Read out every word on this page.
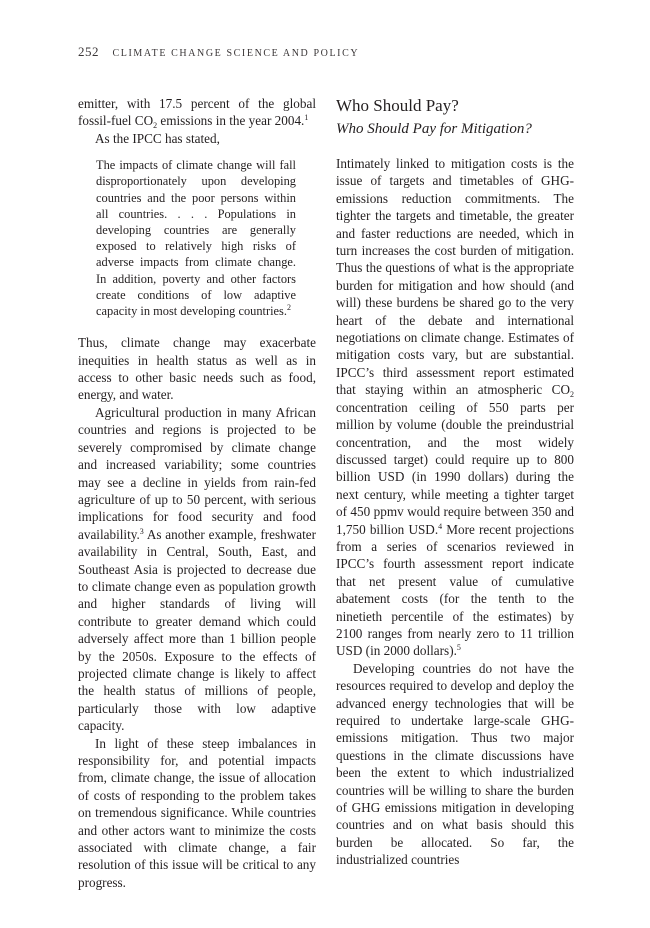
252 CLIMATE CHANGE SCIENCE AND POLICY

emitter, with 17.5 percent of the global fossil-fuel $CO_2$ emissions in the year 2004.$^1$

As the IPCC has stated,

The impacts of climate change will fall disproportionately upon developing countries and the poor persons within all countries. . . . Populations in developing countries are generally exposed to relatively high risks of adverse impacts from climate change. In addition, poverty and other factors create conditions of low adaptive capacity in most developing countries.$^2$

Thus, climate change may exacerbate inequities in health status as well as in access to other basic needs such as food, energy, and water.

Agricultural production in many African countries and regions is projected to be severely compromised by climate change and increased variability; some countries may see a decline in yields from rain-fed agriculture of up to 50 percent, with serious implications for food security and food availability.$^3$ As another example, freshwater availability in Central, South, East, and Southeast Asia is projected to decrease due to climate change even as population growth and higher standards of living will contribute to greater demand which could adversely affect more than 1 billion people by the 2050s. Exposure to the effects of projected climate change is likely to affect the health status of millions of people, particularly those with low adaptive capacity.

In light of these steep imbalances in responsibility for, and potential impacts from, climate change, the issue of allocation of costs of responding to the problem takes on tremendous significance. While countries and other actors want to minimize the costs associated with climate change, a fair resolution of this issue will be critical to any progress.

Who Should Pay?
Who Should Pay for Mitigation?

Intimately linked to mitigation costs is the issue of targets and timetables of GHG-emissions reduction commitments. The tighter the targets and timetable, the greater and faster reductions are needed, which in turn increases the cost burden of mitigation. Thus the questions of what is the appropriate burden for mitigation and how should (and will) these burdens be shared go to the very heart of the debate and international negotiations on climate change. Estimates of mitigation costs vary, but are substantial. IPCC’s third assessment report estimated that staying within an atmospheric $CO_2$ concentration ceiling of 550 parts per million by volume (double the preindustrial concentration, and the most widely discussed target) could require up to 800 billion USD (in 1990 dollars) during the next century, while meeting a tighter target of 450 ppmv would require between 350 and 1,750 billion USD.$^4$ More recent projections from a series of scenarios reviewed in IPCC’s fourth assessment report indicate that net present value of cumulative abatement costs (for the tenth to the ninetieth percentile of the estimates) by 2100 ranges from nearly zero to 11 trillion USD (in 2000 dollars).$^5$

Developing countries do not have the resources required to develop and deploy the advanced energy technologies that will be required to undertake large-scale GHG-emissions mitigation. Thus two major questions in the climate discussions have been the extent to which industrialized countries will be willing to share the burden of GHG emissions mitigation in developing countries and on what basis should this burden be allocated. So far, the industrialized countries
